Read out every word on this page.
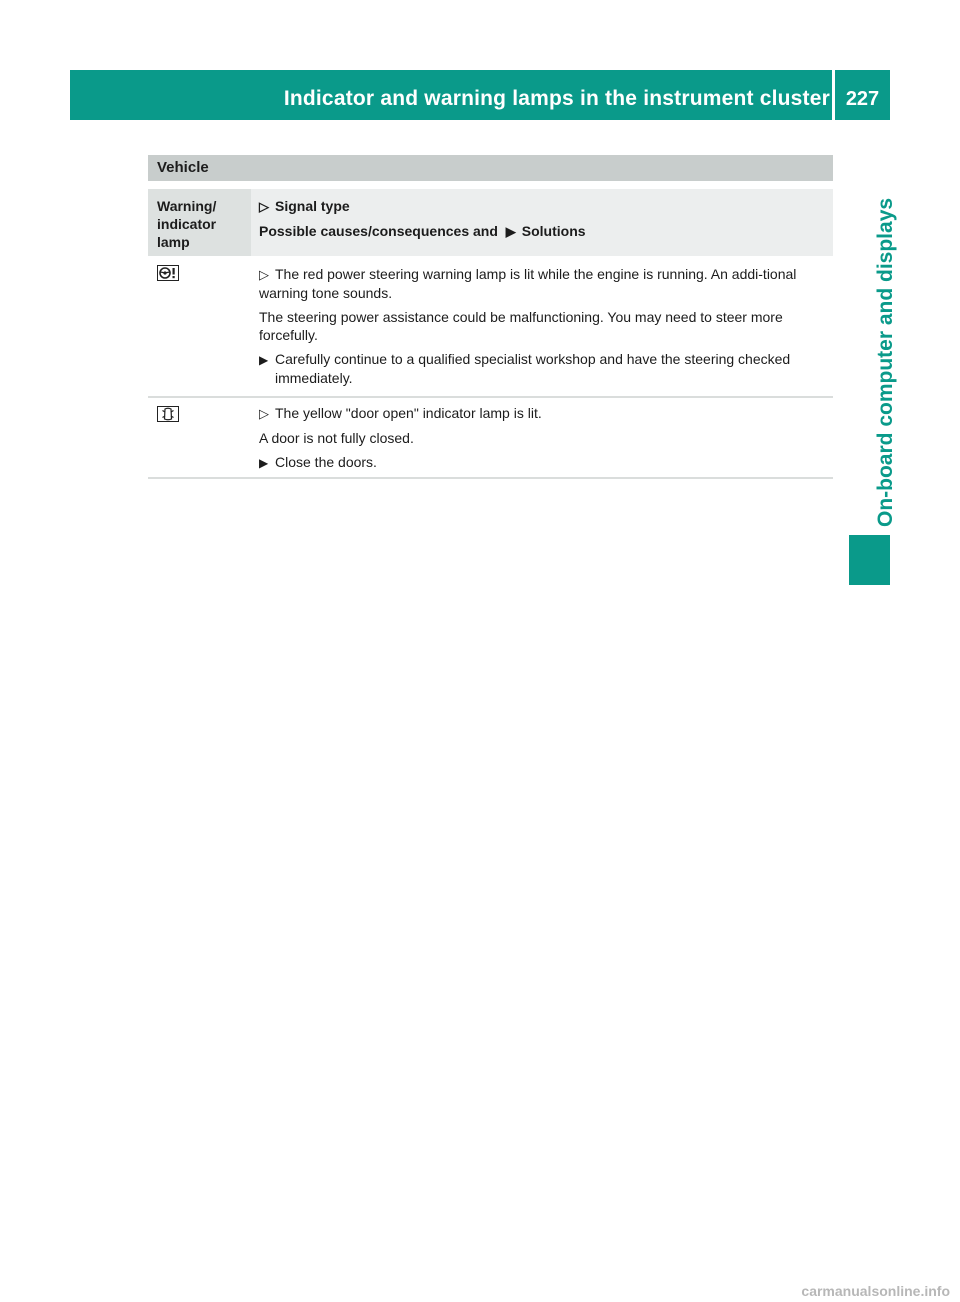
Indicator and warning lamps in the instrument cluster 227
On-board computer and displays
Vehicle
Warning/ indicator lamp
▷ Signal type
Possible causes/consequences and ▶ Solutions

▷ The red power steering warning lamp is lit while the engine is running. An addi-tional warning tone sounds.

The steering power assistance could be malfunctioning. You may need to steer more forcefully.

▶ Carefully continue to a qualified specialist workshop and have the steering checked immediately.

▷ The yellow "door open" indicator lamp is lit.

A door is not fully closed.

▶ Close the doors.

carmanualsonline.info
